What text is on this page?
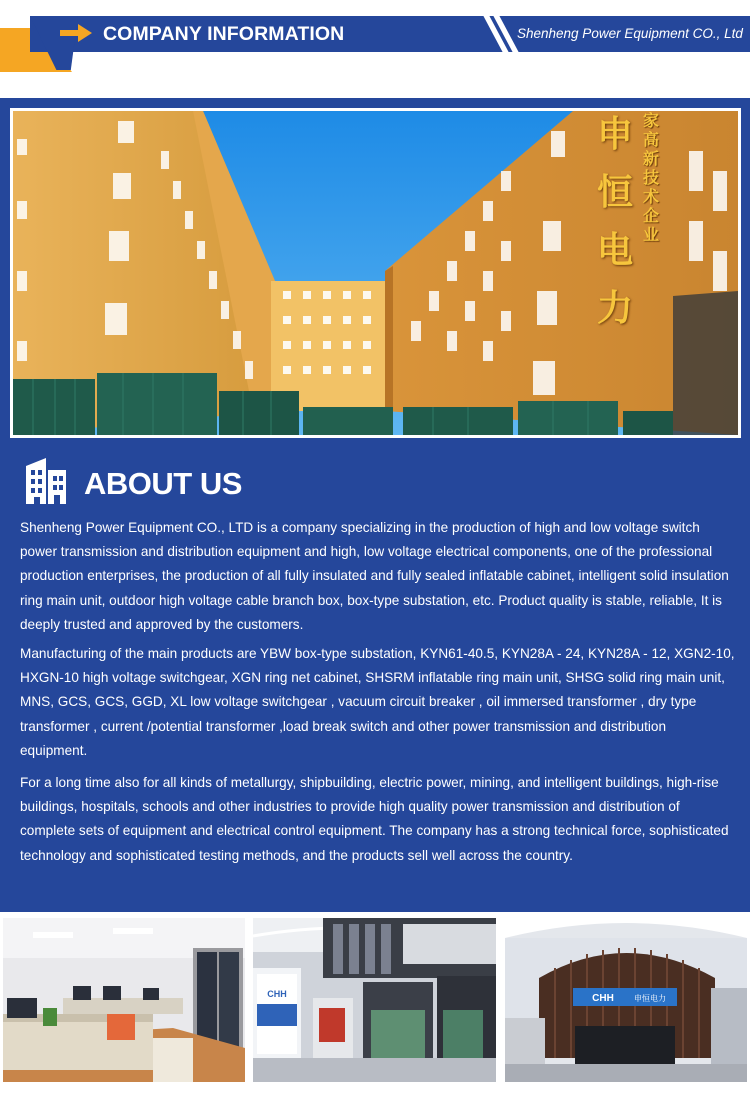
COMPANY INFORMATION	Shenheng Power Equipment CO., Ltd
申
恒
电
力
家
高
新
技
术
企
业
ABOUT US

Shenheng Power Equipment CO., LTD is a company specializing in the production of high and low voltage switch power transmission and distribution equipment and high, low voltage electrical components, one of the professional production enterprises, the production of all fully insulated and fully sealed inflatable cabinet, intelligent solid insulation ring main unit, outdoor high voltage cable branch box, box-type substation, etc. Product quality is stable, reliable, It is deeply trusted and approved by the customers.

Manufacturing of the main products are YBW box-type substation, KYN61-40.5, KYN28A - 24, KYN28A - 12, XGN2-10, HXGN-10 high voltage switchgear, XGN ring net cabinet, SHSRM inflatable ring main unit, SHSG solid ring main unit, MNS, GCS, GCS, GGD, XL low voltage switchgear , vacuum circuit breaker , oil immersed transformer , dry type transformer , current /potential transformer ,load break switch and other power transmission and distribution equipment.

For a long time also for all kinds of metallurgy, shipbuilding, electric power, mining, and intelligent buildings, high-rise buildings, hospitals, schools and other industries to provide high quality power transmission and distribution of complete sets of equipment and electrical control equipment. The company has a strong technical force, sophisticated technology and sophisticated testing methods, and the products sell well across the country.

CHH	CHH	申恒电力
